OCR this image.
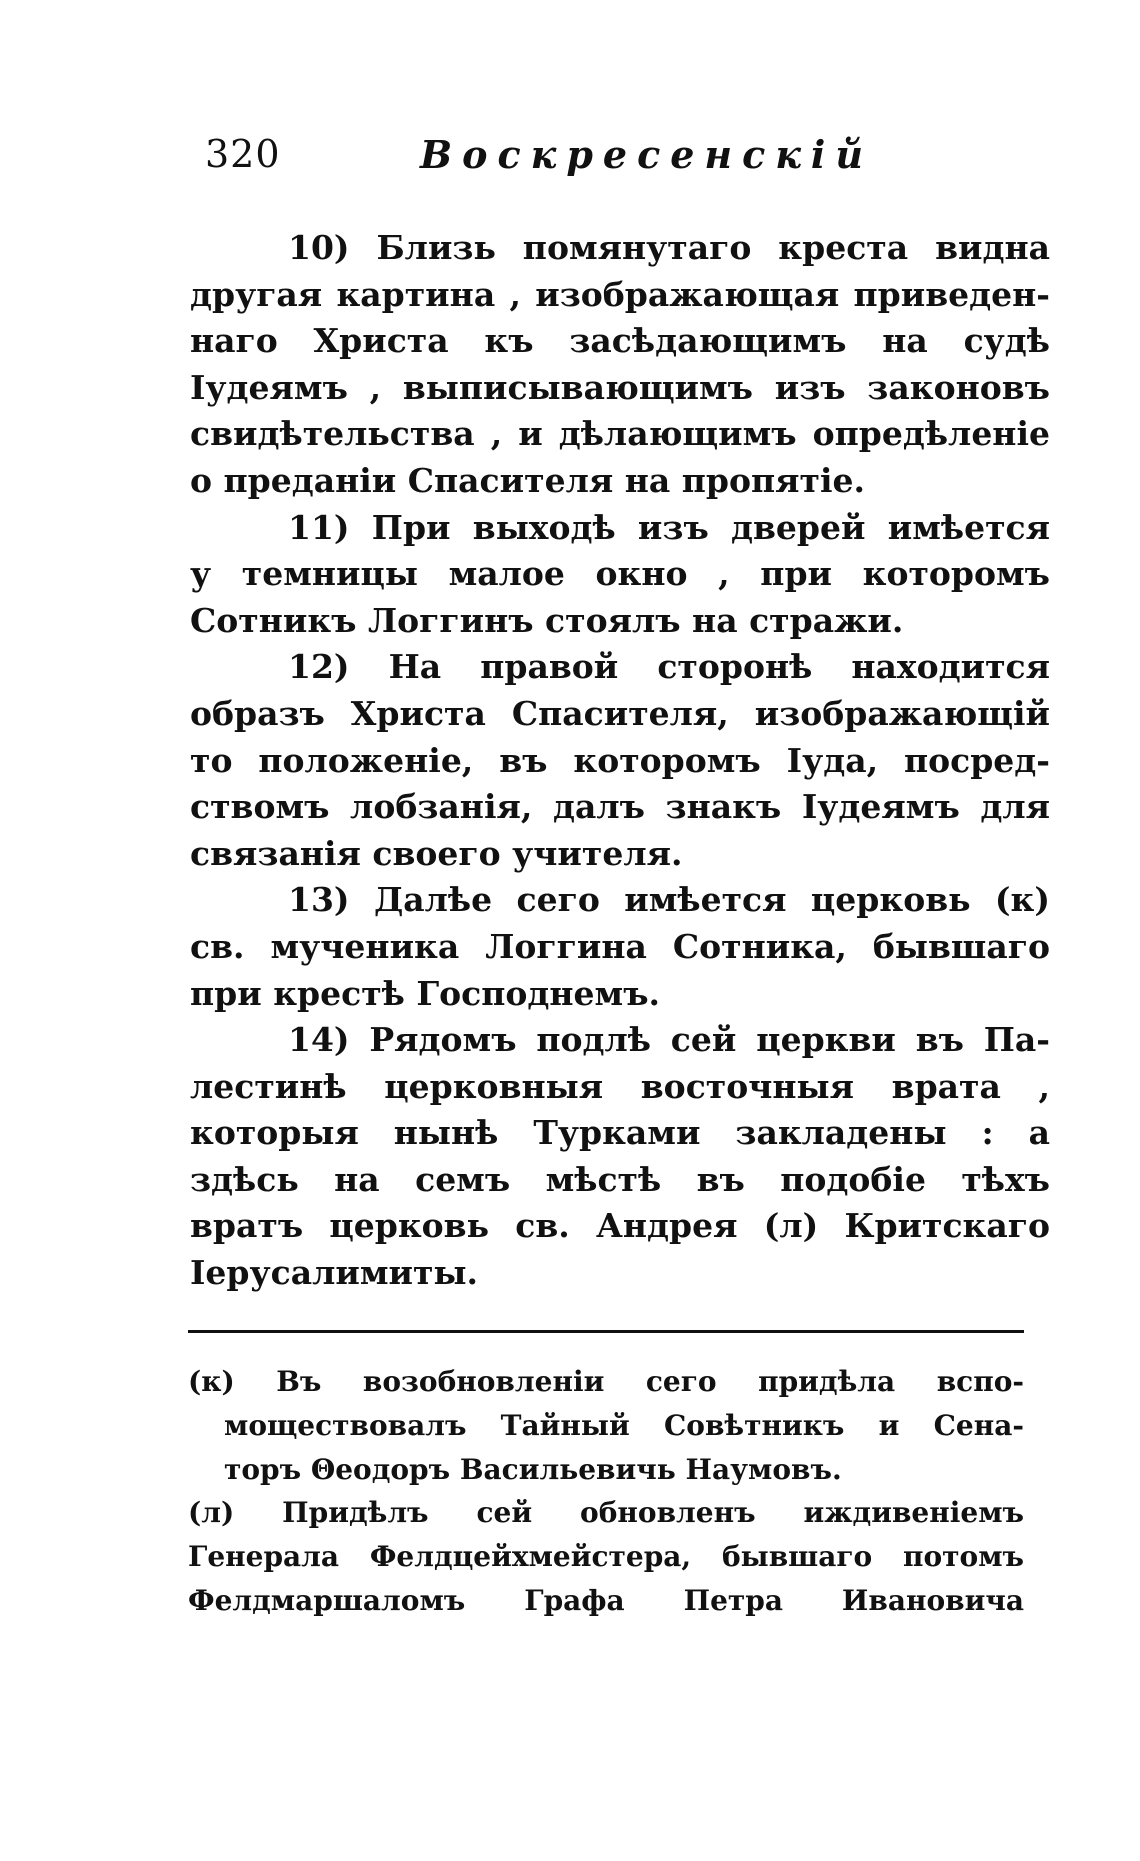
320	Воскресенскій
10) Близь помянутаго креста видна
другая картина , изображающая приведен-
наго Христа къ засѣдающимъ на судѣ
Іудеямъ , выписывающимъ изъ законовъ
свидѣтельства , и дѣлающимъ опредѣленіе
о преданіи Спасителя на пропятіе.
11) При выходѣ изъ дверей имѣется
у темницы малое окно , при которомъ
Сотникъ Логгинъ стоялъ на стражи.
12) На правой сторонѣ находится
образъ Христа Спасителя, изображающій
то положеніе, въ которомъ Іуда, посред-
ствомъ лобзанія, далъ знакъ Іудеямъ для
связанія своего учителя.
13) Далѣе сего имѣется церковь (к)
св. мученика Логгина Сотника, бывшаго
при крестѣ Господнемъ.
14) Рядомъ подлѣ сей церкви въ Па-
лестинѣ церковныя восточныя врата ,
которыя нынѣ Турками закладены : а
здѣсь на семъ мѣстѣ въ подобіе тѣхъ
вратъ церковь св. Андрея (л) Критскаго
Іерусалимиты.
(к) Въ возобновленіи сего придѣла вспо-
моществовалъ Тайный Совѣтникъ и Сена-
торъ Θеодоръ Васильевичь Наумовъ.
(л) Придѣлъ сей обновленъ иждивеніемъ
Генерала Фелдцейхмейстера, бывшаго потомъ
Фелдмаршаломъ Графа Петра Ивановича
